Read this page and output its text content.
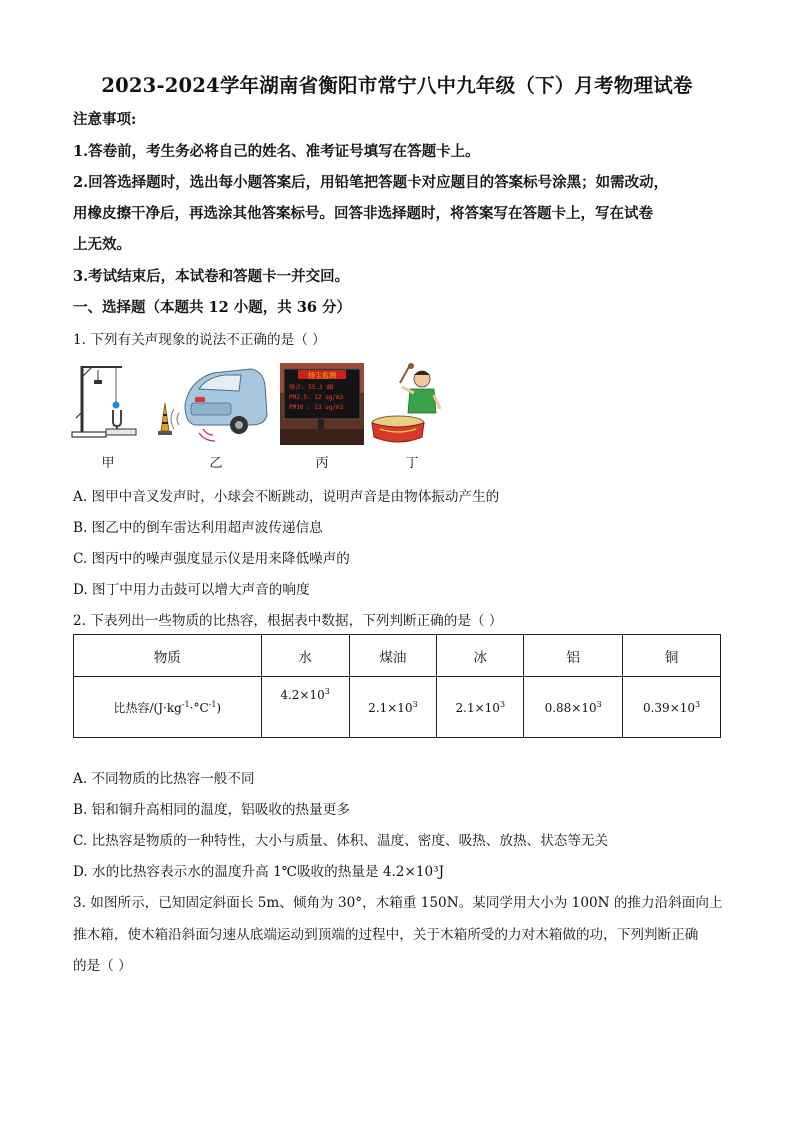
2023-2024学年湖南省衡阳市常宁八中九年级（下）月考物理试卷
注意事项:
1.答卷前，考生务必将自己的姓名、准考证号填写在答题卡上。
2.回答选择题时，选出每小题答案后，用铅笔把答题卡对应题目的答案标号涂黑；如需改动，
用橡皮擦干净后，再选涂其他答案标号。回答非选择题时，将答案写在答题卡上，写在试卷
上无效。
3.考试结束后，本试卷和答题卡一并交回。
一、选择题（本题共 12 小题，共 36 分）
1. 下列有关声现象的说法不正确的是（ ）
甲	乙
扬尘监测
噪音: 55.3 dB
PM2.5: 12 ug/m3
PM10 : 13 ug/m3
丙	丁
A. 图甲中音叉发声时，小球会不断跳动，说明声音是由物体振动产生的
B. 图乙中的倒车雷达利用超声波传递信息
C. 图丙中的噪声强度显示仪是用来降低噪声的
D. 图丁中用力击鼓可以增大声音的响度
2. 下表列出一些物质的比热容，根据表中数据，下列判断正确的是（ ）
物质	水	煤油	冰	铝	铜
比热容$/(J\cdot kg^{-1}\cdot^\circ C^{-1})$	$4.2\times 10^3$	$2.1\times 10^3$	$2.1\times 10^3$	$0.88\times 10^3$	$0.39\times 10^3$
A. 不同物质的比热容一般不同
B. 铝和铜升高相同的温度，铝吸收的热量更多
C. 比热容是物质的一种特性，大小与质量、体积、温度、密度、吸热、放热、状态等无关
D. 水的比热容表示水的温度升高 1℃吸收的热量是 4.2×10³J
3. 如图所示，已知固定斜面长 5m、倾角为 30°，木箱重 150N。某同学用大小为 100N 的推力沿斜面向上
推木箱，使木箱沿斜面匀速从底端运动到顶端的过程中，关于木箱所受的力对木箱做的功，下列判断正确
的是（ ）
